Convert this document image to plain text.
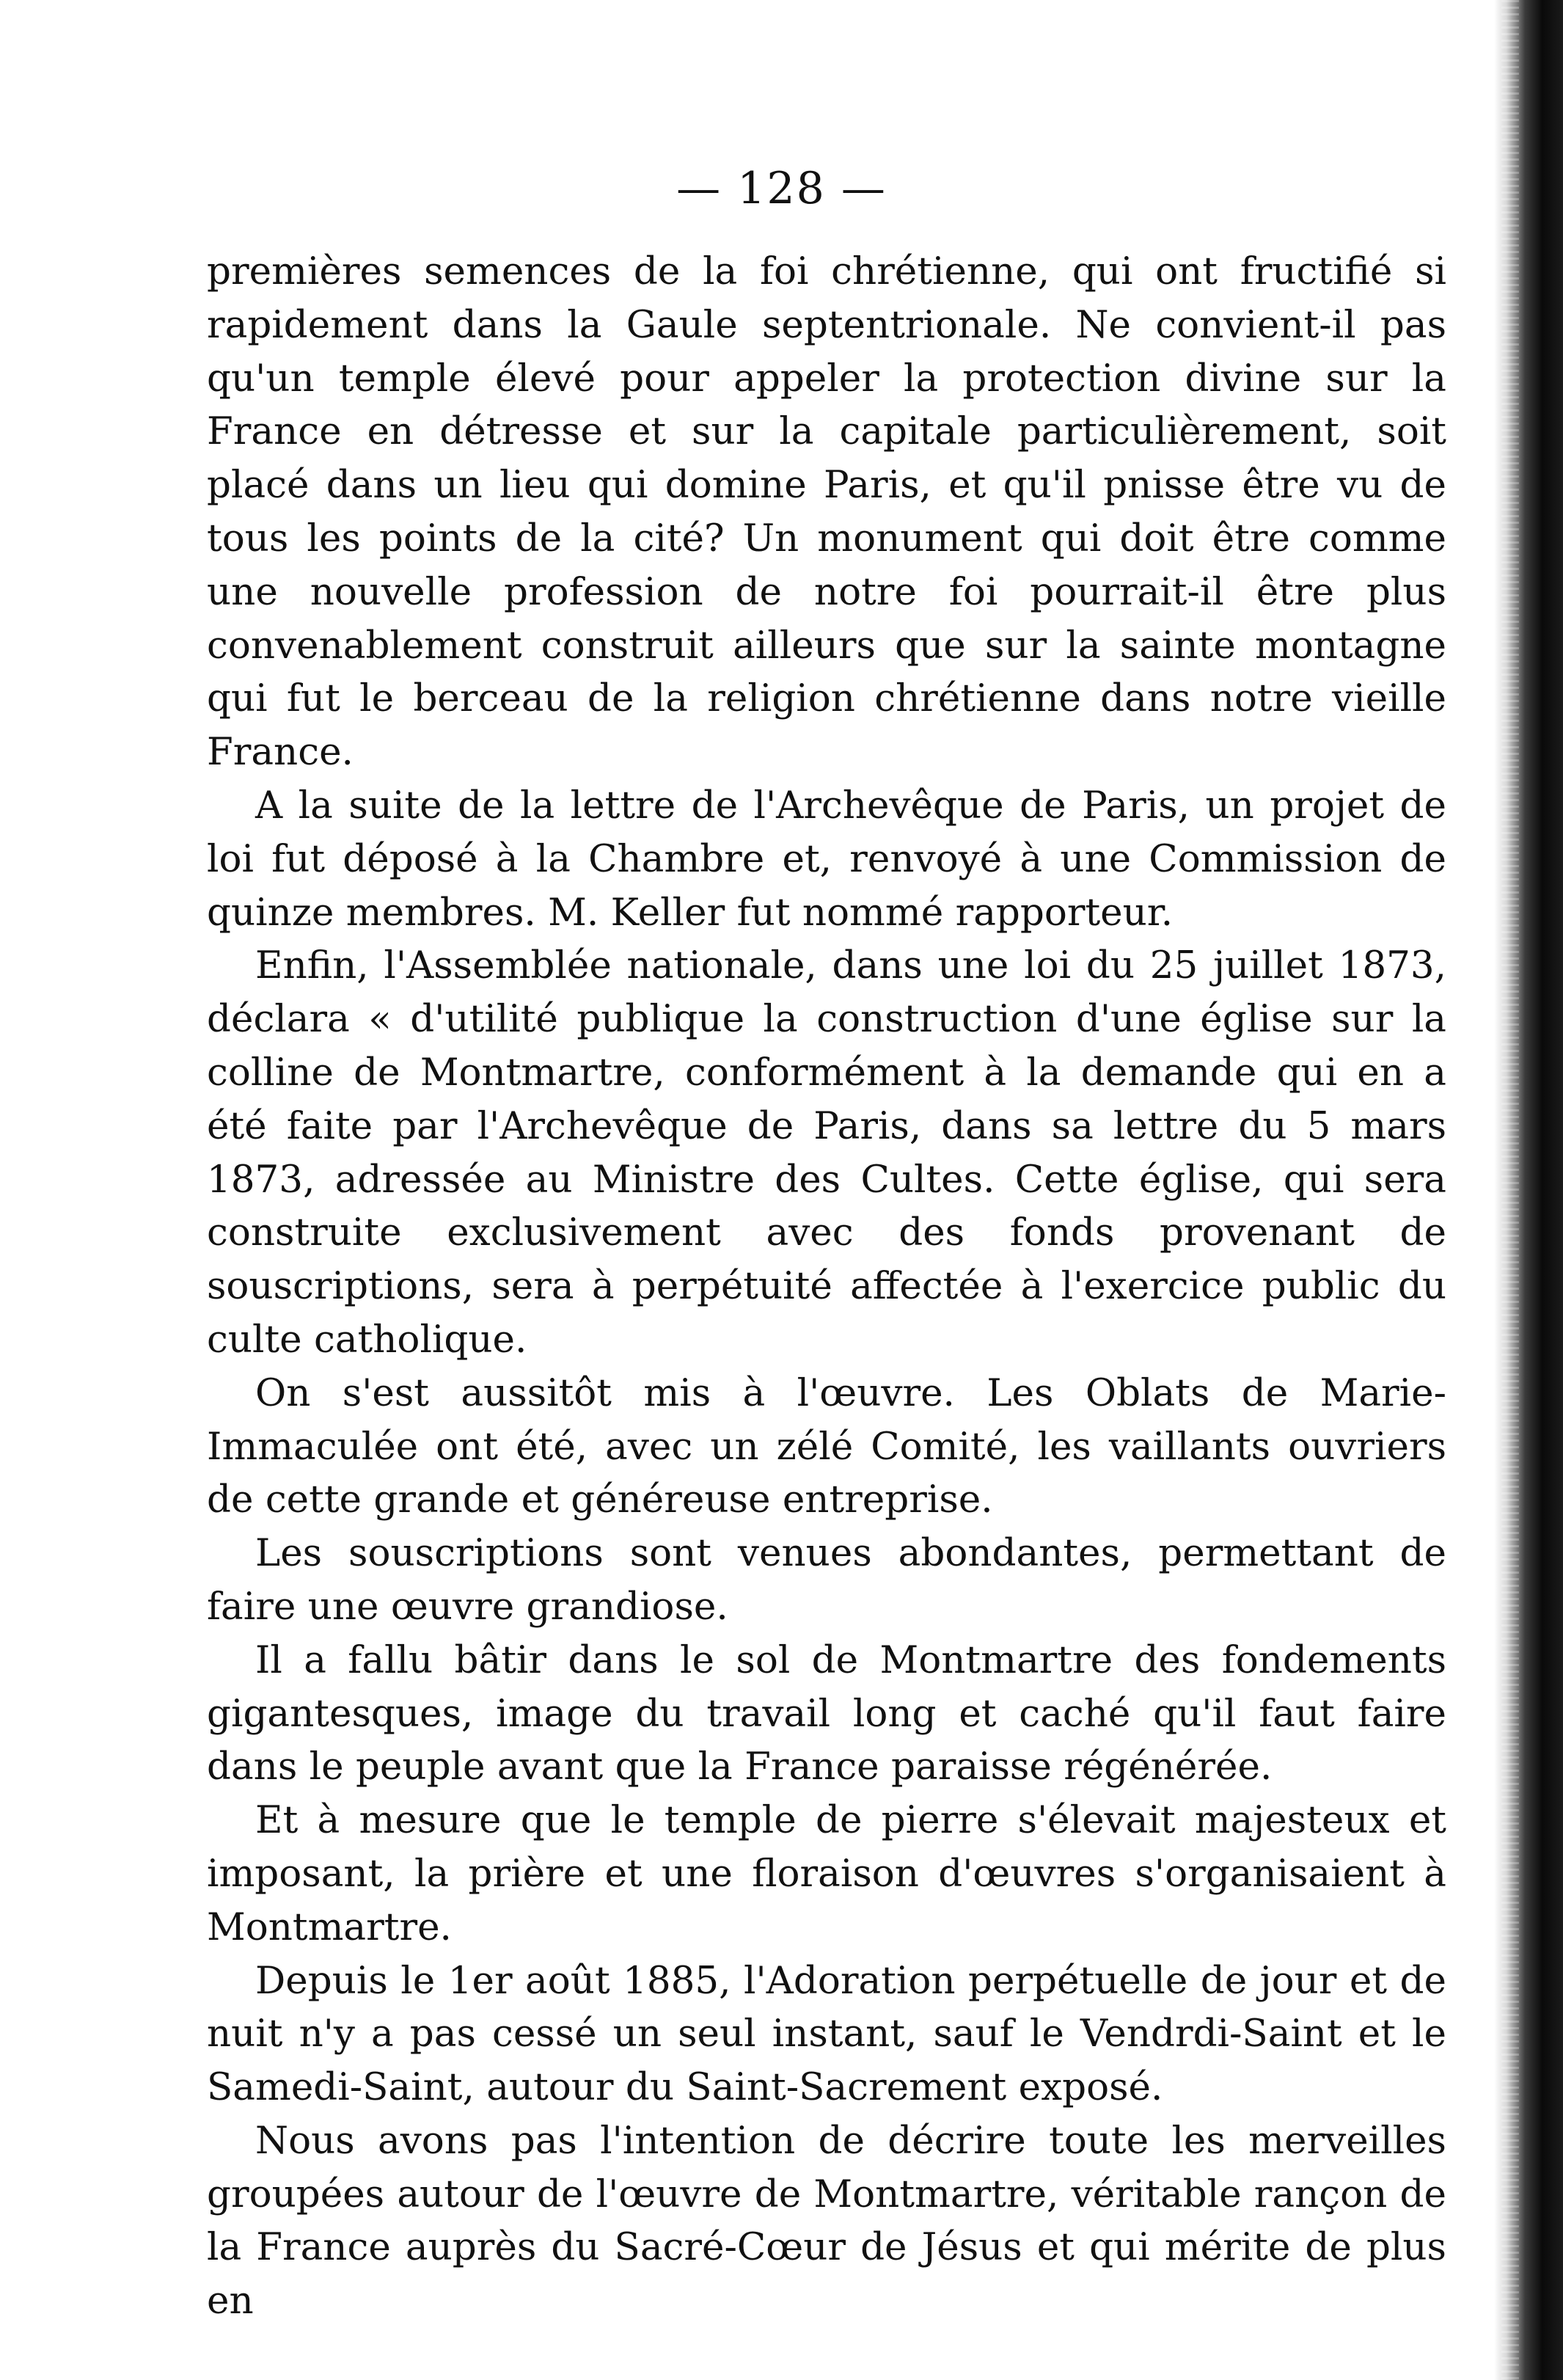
— 128 —

premières semences de la foi chrétienne, qui ont fructifié si rapidement dans la Gaule septentrionale. Ne convient-il pas qu'un temple élevé pour appeler la protection divine sur la France en détresse et sur la capitale particulièrement, soit placé dans un lieu qui domine Paris, et qu'il pnisse être vu de tous les points de la cité? Un monument qui doit être comme une nouvelle profession de notre foi pourrait-il être plus convenablement construit ailleurs que sur la sainte montagne qui fut le berceau de la religion chrétienne dans notre vieille France.

A la suite de la lettre de l'Archevêque de Paris, un projet de loi fut déposé à la Chambre et, renvoyé à une Commission de quinze membres. M. Keller fut nommé rapporteur.

Enfin, l'Assemblée nationale, dans une loi du 25 juillet 1873, déclara « d'utilité publique la construction d'une église sur la colline de Montmartre, conformément à la demande qui en a été faite par l'Archevêque de Paris, dans sa lettre du 5 mars 1873, adressée au Ministre des Cultes. Cette église, qui sera construite exclusivement avec des fonds provenant de souscriptions, sera à perpétuité affectée à l'exercice public du culte catholique.

On s'est aussitôt mis à l'œuvre. Les Oblats de Marie-Immaculée ont été, avec un zélé Comité, les vaillants ouvriers de cette grande et généreuse entreprise.

Les souscriptions sont venues abondantes, permettant de faire une œuvre grandiose.

Il a fallu bâtir dans le sol de Montmartre des fondements gigantesques, image du travail long et caché qu'il faut faire dans le peuple avant que la France paraisse régénérée.

Et à mesure que le temple de pierre s'élevait majesteux et imposant, la prière et une floraison d'œuvres s'organisaient à Montmartre.

Depuis le 1er août 1885, l'Adoration perpétuelle de jour et de nuit n'y a pas cessé un seul instant, sauf le Vendrdi-Saint et le Samedi-Saint, autour du Saint-Sacrement exposé.

Nous avons pas l'intention de décrire toute les merveilles groupées autour de l'œuvre de Montmartre, véritable rançon de la France auprès du Sacré-Cœur de Jésus et qui mérite de plus en
